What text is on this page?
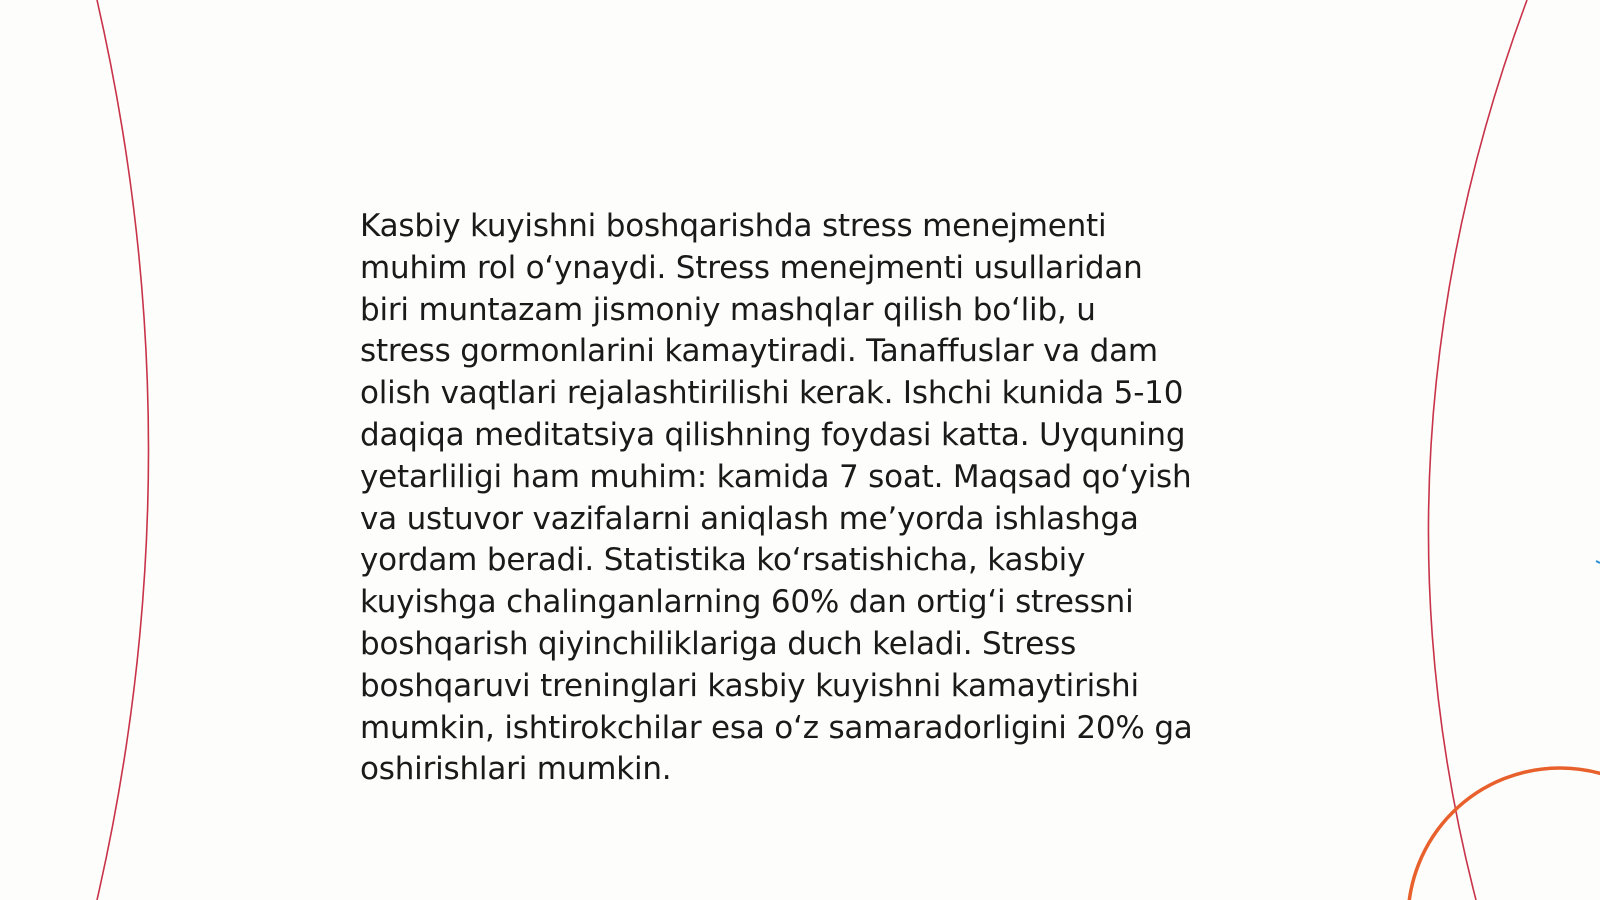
Kasbiy kuyishni boshqarishda stress menejmenti
muhim rol o‘ynaydi. Stress menejmenti usullaridan
biri muntazam jismoniy mashqlar qilish bo‘lib, u
stress gormonlarini kamaytiradi. Tanaffuslar va dam
olish vaqtlari rejalashtirilishi kerak. Ishchi kunida 5-10
daqiqa meditatsiya qilishning foydasi katta. Uyquning
yetarliligi ham muhim: kamida 7 soat. Maqsad qo‘yish
va ustuvor vazifalarni aniqlash me’yorda ishlashga
yordam beradi. Statistika ko‘rsatishicha, kasbiy
kuyishga chalinganlarning 60% dan ortig‘i stressni
boshqarish qiyinchiliklariga duch keladi. Stress
boshqaruvi treninglari kasbiy kuyishni kamaytirishi
mumkin, ishtirokchilar esa o‘z samaradorligini 20% ga
oshirishlari mumkin.
